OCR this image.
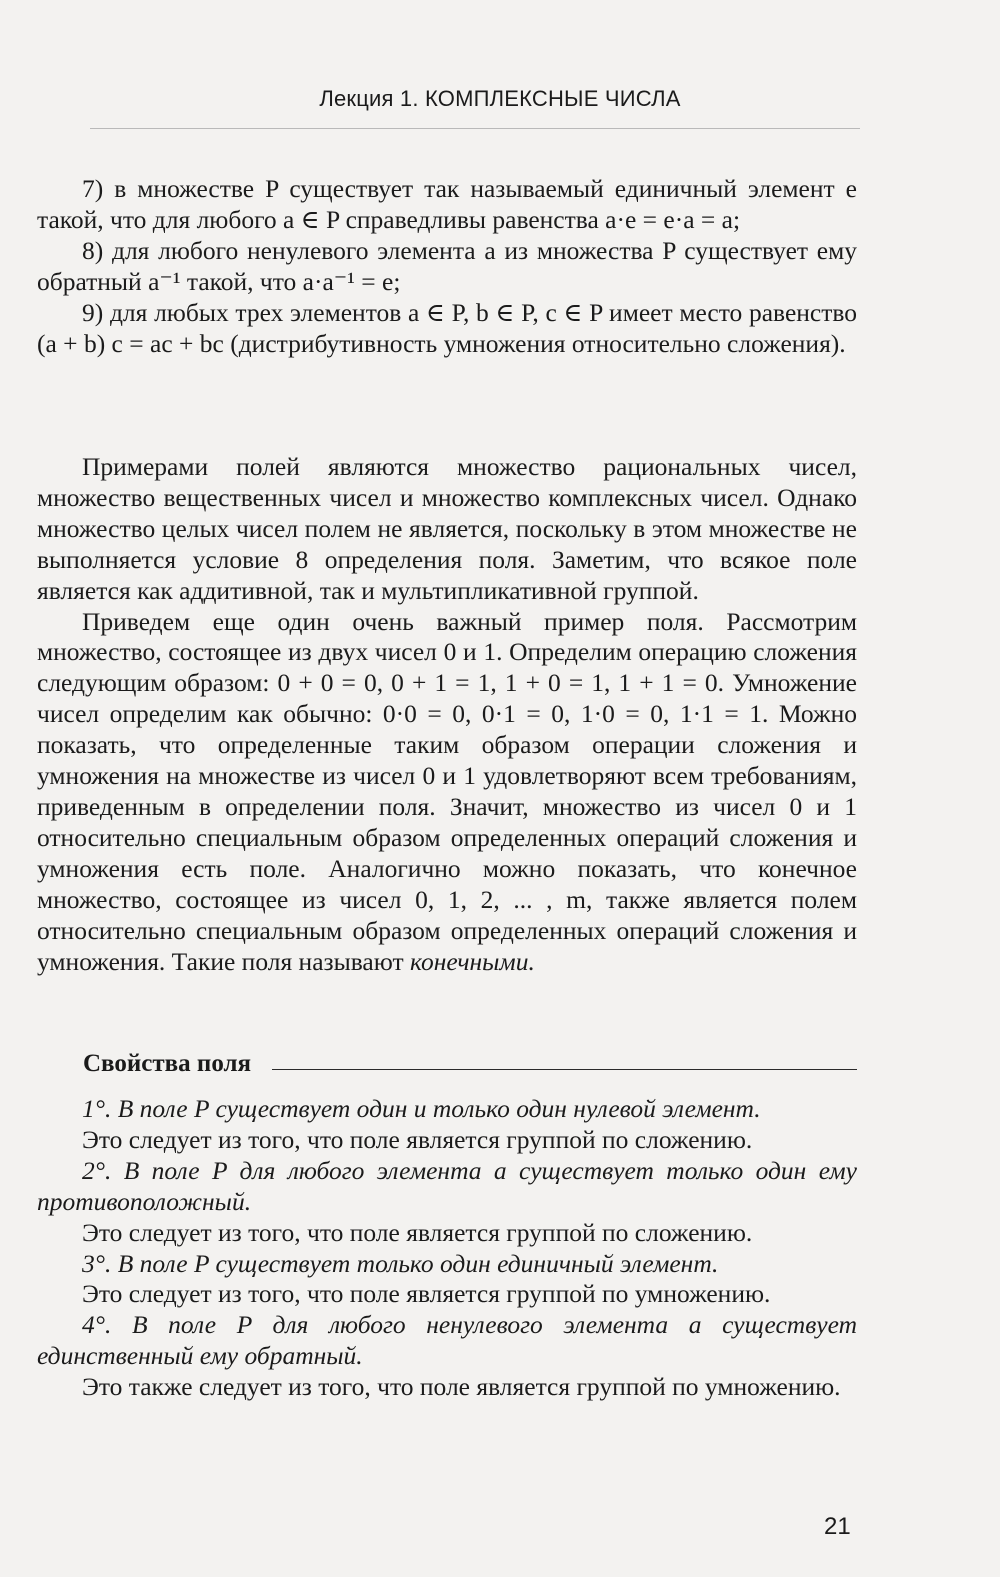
Лекция 1. КОМПЛЕКСНЫЕ ЧИСЛА

7) в множестве P существует так называемый единичный элемент e такой, что для любого a ∈ P справедливы равенства a·e = e·a = a;

8) для любого ненулевого элемента a из множества P существует ему обратный a⁻¹ такой, что a·a⁻¹ = e;

9) для любых трех элементов a ∈ P, b ∈ P, c ∈ P имеет место равенство (a + b) c = ac + bc (дистрибутивность умножения относительно сложения).

Примерами полей являются множество рациональных чисел, множество вещественных чисел и множество комплексных чисел. Однако множество целых чисел полем не является, поскольку в этом множестве не выполняется условие 8 определения поля. Заметим, что всякое поле является как аддитивной, так и мультипликативной группой.

Приведем еще один очень важный пример поля. Рассмотрим множество, состоящее из двух чисел 0 и 1. Определим операцию сложения следующим образом: 0 + 0 = 0, 0 + 1 = 1, 1 + 0 = 1, 1 + 1 = 0. Умножение чисел определим как обычно: 0·0 = 0, 0·1 = 0, 1·0 = 0, 1·1 = 1. Можно показать, что определенные таким образом операции сложения и умножения на множестве из чисел 0 и 1 удовлетворяют всем требованиям, приведенным в определении поля. Значит, множество из чисел 0 и 1 относительно специальным образом определенных операций сложения и умножения есть поле. Аналогично можно показать, что конечное множество, состоящее из чисел 0, 1, 2, ... , m, также является полем относительно специальным образом определенных операций сложения и умножения. Такие поля называют конечными.

Свойства поля

1°. В поле P существует один и только один нулевой элемент.

Это следует из того, что поле является группой по сложению.

2°. В поле P для любого элемента a существует только один ему противоположный.

Это следует из того, что поле является группой по сложению.

3°. В поле P существует только один единичный элемент.

Это следует из того, что поле является группой по умножению.

4°. В поле P для любого ненулевого элемента a существует единственный ему обратный.

Это также следует из того, что поле является группой по умножению.

21
